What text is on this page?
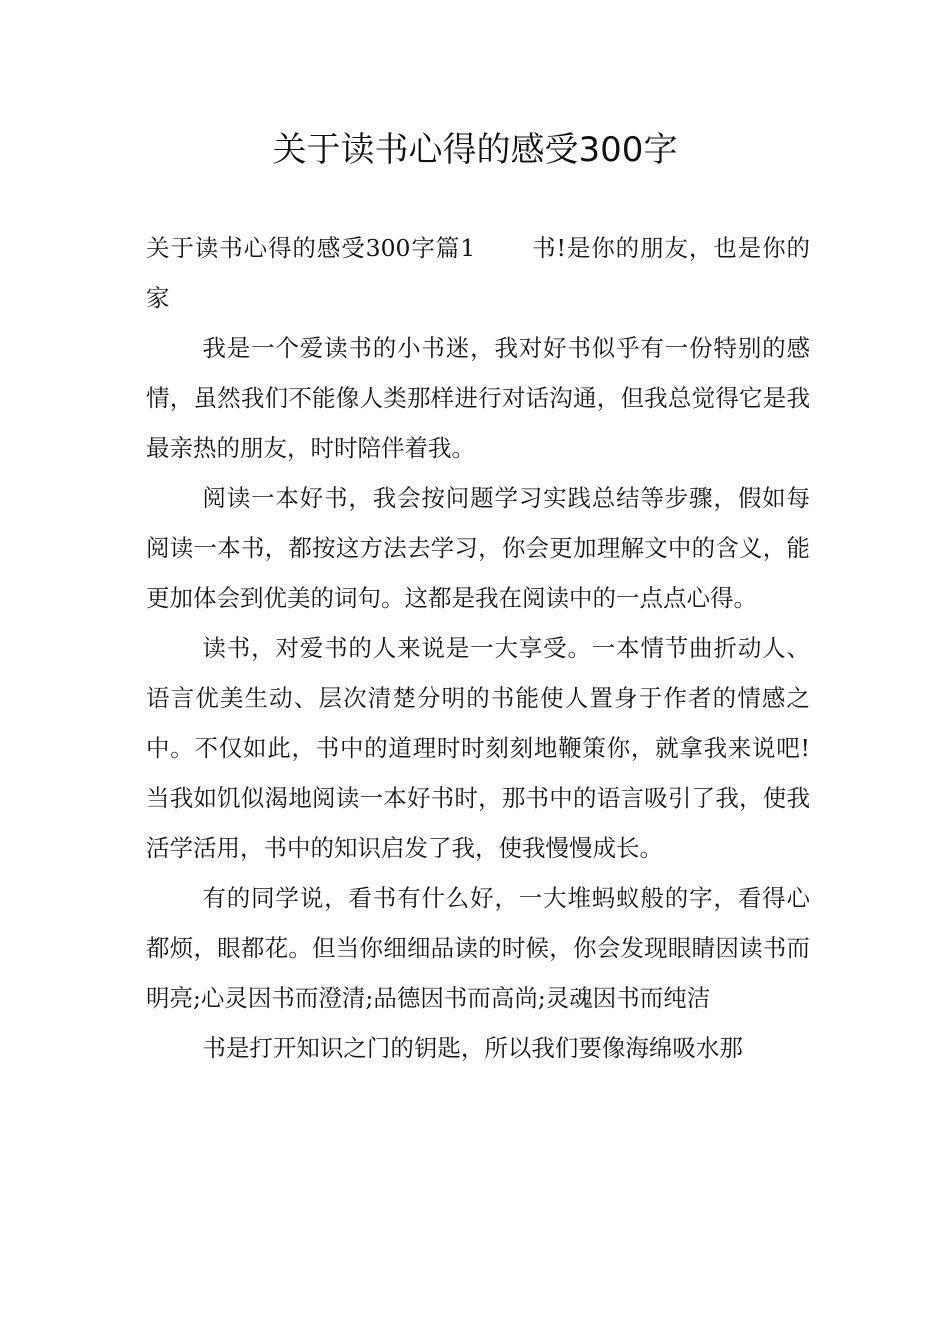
关于读书心得的感受300字

关于读书心得的感受300字篇1 书!是你的朋友，也是你的家

我是一个爱读书的小书迷，我对好书似乎有一份特别的感情，虽然我们不能像人类那样进行对话沟通，但我总觉得它是我最亲热的朋友，时时陪伴着我。

阅读一本好书，我会按问题学习实践总结等步骤，假如每阅读一本书，都按这方法去学习，你会更加理解文中的含义，能更加体会到优美的词句。这都是我在阅读中的一点点心得。

读书，对爱书的人来说是一大享受。一本情节曲折动人、语言优美生动、层次清楚分明的书能使人置身于作者的情感之中。不仅如此，书中的道理时时刻刻地鞭策你，就拿我来说吧!当我如饥似渴地阅读一本好书时，那书中的语言吸引了我，使我活学活用，书中的知识启发了我，使我慢慢成长。

有的同学说，看书有什么好，一大堆蚂蚁般的字，看得心都烦，眼都花。但当你细细品读的时候，你会发现眼睛因读书而明亮;心灵因书而澄清;品德因书而高尚;灵魂因书而纯洁

书是打开知识之门的钥匙，所以我们要像海绵吸水那
